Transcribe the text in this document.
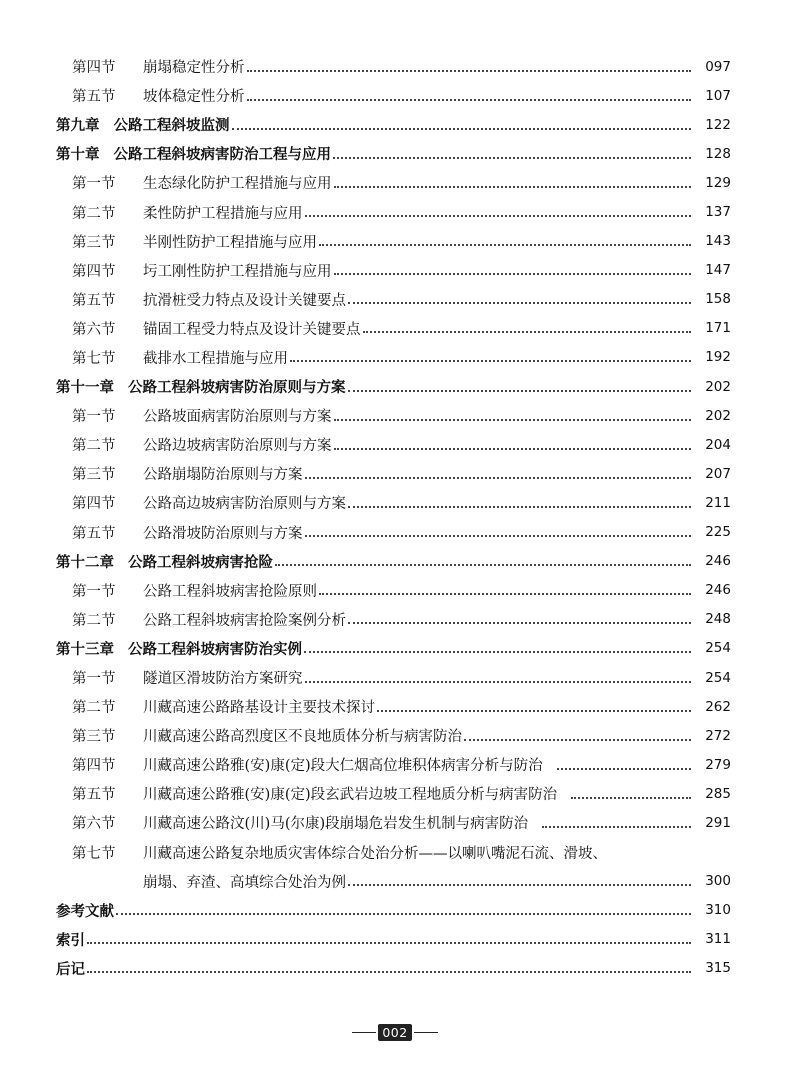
第四节	崩塌稳定性分析	097
第五节	坡体稳定性分析	107
第九章 公路工程斜坡监测	122
第十章 公路工程斜坡病害防治工程与应用	128
第一节	生态绿化防护工程措施与应用	129
第二节	柔性防护工程措施与应用	137
第三节	半刚性防护工程措施与应用	143
第四节	圬工刚性防护工程措施与应用	147
第五节	抗滑桩受力特点及设计关键要点	158
第六节	锚固工程受力特点及设计关键要点	171
第七节	截排水工程措施与应用	192
第十一章 公路工程斜坡病害防治原则与方案	202
第一节	公路坡面病害防治原则与方案	202
第二节	公路边坡病害防治原则与方案	204
第三节	公路崩塌防治原则与方案	207
第四节	公路高边坡病害防治原则与方案	211
第五节	公路滑坡防治原则与方案	225
第十二章 公路工程斜坡病害抢险	246
第一节	公路工程斜坡病害抢险原则	246
第二节	公路工程斜坡病害抢险案例分析	248
第十三章 公路工程斜坡病害防治实例	254
第一节	隧道区滑坡防治方案研究	254
第二节	川藏高速公路路基设计主要技术探讨	262
第三节	川藏高速公路高烈度区不良地质体分析与病害防治	272
第四节	川藏高速公路雅(安)康(定)段大仁烟高位堆积体病害分析与防治	279
第五节	川藏高速公路雅(安)康(定)段玄武岩边坡工程地质分析与病害防治	285
第六节	川藏高速公路汶(川)马(尔康)段崩塌危岩发生机制与病害防治	291
第七节	川藏高速公路复杂地质灾害体综合处治分析——以喇叭嘴泥石流、滑坡、
崩塌、弃渣、高填综合处治为例	300
参考文献	310
索引	311
后记	315
002
